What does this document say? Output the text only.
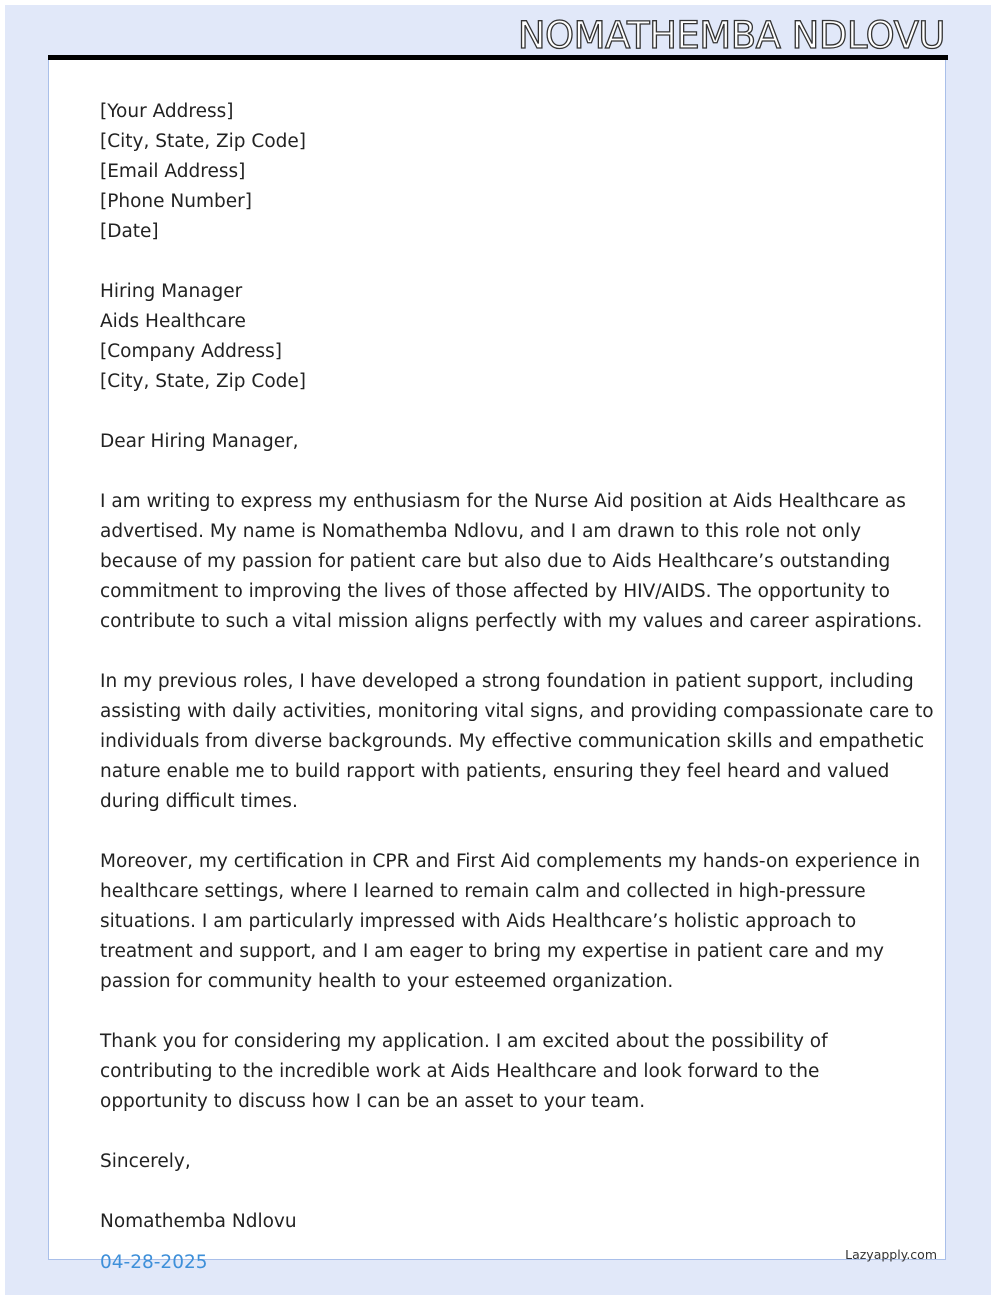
NOMATHEMBA NDLOVU
[Your Address]
[City, State, Zip Code]
[Email Address]
[Phone Number]
[Date]
Hiring Manager
Aids Healthcare
[Company Address]
[City, State, Zip Code]
Dear Hiring Manager,
I am writing to express my enthusiasm for the Nurse Aid position at Aids Healthcare as
advertised. My name is Nomathemba Ndlovu, and I am drawn to this role not only
because of my passion for patient care but also due to Aids Healthcare’s outstanding
commitment to improving the lives of those affected by HIV/AIDS. The opportunity to
contribute to such a vital mission aligns perfectly with my values and career aspirations.
In my previous roles, I have developed a strong foundation in patient support, including
assisting with daily activities, monitoring vital signs, and providing compassionate care to
individuals from diverse backgrounds. My effective communication skills and empathetic
nature enable me to build rapport with patients, ensuring they feel heard and valued
during difficult times.
Moreover, my certification in CPR and First Aid complements my hands-on experience in
healthcare settings, where I learned to remain calm and collected in high-pressure
situations. I am particularly impressed with Aids Healthcare’s holistic approach to
treatment and support, and I am eager to bring my expertise in patient care and my
passion for community health to your esteemed organization.
Thank you for considering my application. I am excited about the possibility of
contributing to the incredible work at Aids Healthcare and look forward to the
opportunity to discuss how I can be an asset to your team.
Sincerely,
Nomathemba Ndlovu
04-28-2025	Lazyapply.com
